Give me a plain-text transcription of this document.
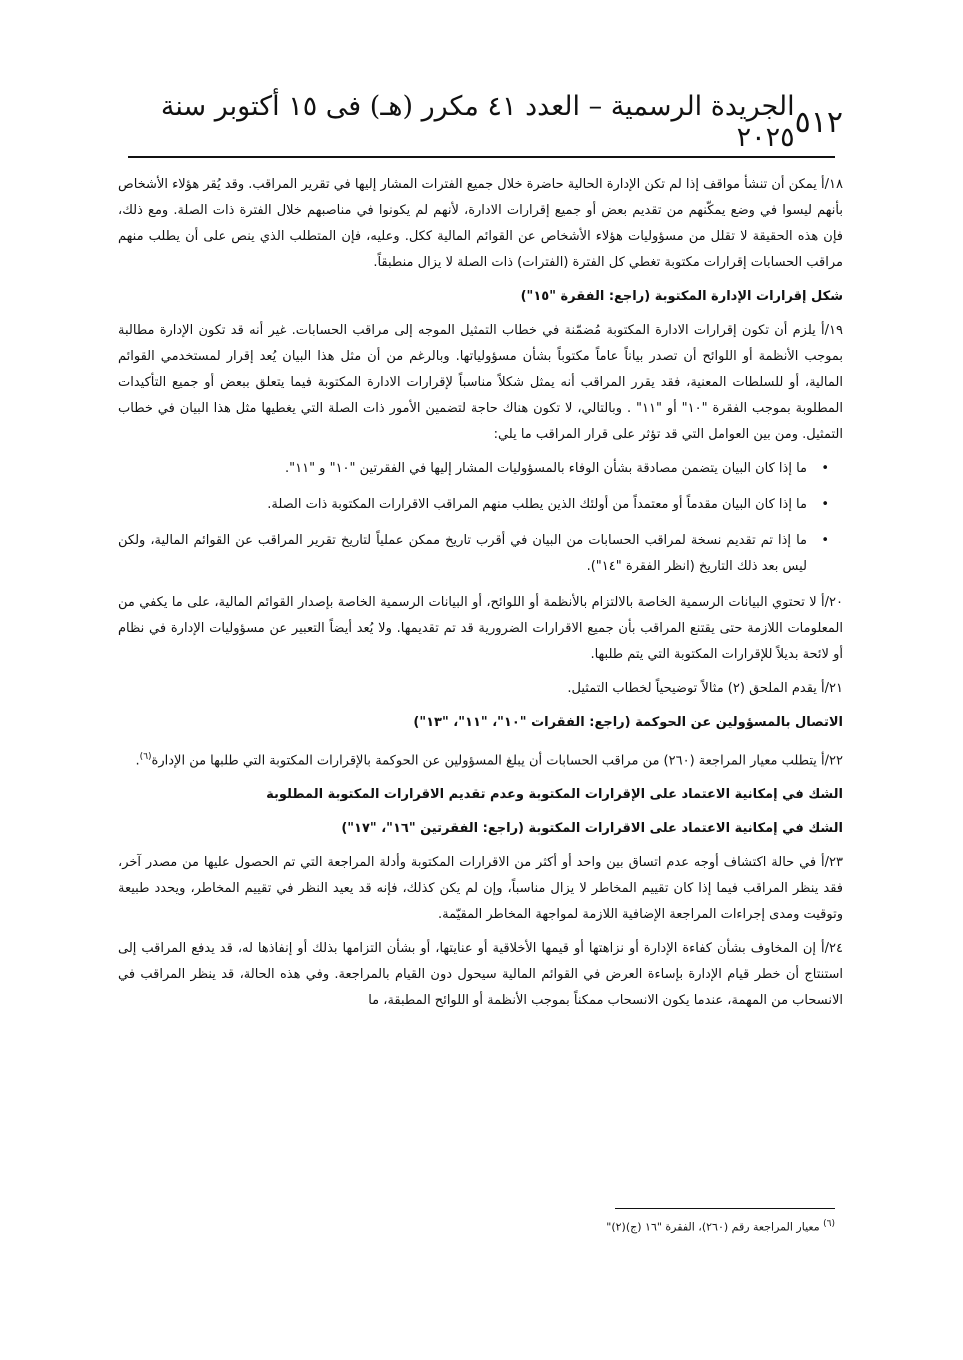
٥١٢
الجريدة الرسمية – العدد ٤١ مكرر (هـ) فى ١٥ أكتوبر سنة ٢٠٢٥

١٨/أ يمكن أن تنشأ مواقف إذا لم تكن الإدارة الحالية حاضرة خلال جميع الفترات المشار إليها في تقرير المراقب. وقد يُقر هؤلاء الأشخاص بأنهم ليسوا في وضع يمكّنهم من تقديم بعض أو جميع إقرارات الادارة، لأنهم لم يكونوا في مناصبهم خلال الفترة ذات الصلة. ومع ذلك، فإن هذه الحقيقة لا تقلل من مسؤوليات هؤلاء الأشخاص عن القوائم المالية ككل. وعليه، فإن المتطلب الذي ينص على أن يطلب منهم مراقب الحسابات إقرارات مكتوبة تغطي كل الفترة (الفترات) ذات الصلة لا يزال منطبقاً.

شكل إقرارات الإدارة المكتوبة (راجع: الفقرة "١٥")

١٩/أ يلزم أن تكون إقرارات الادارة المكتوبة مُضمّنة في خطاب التمثيل الموجه إلى مراقب الحسابات. غير أنه قد تكون الإدارة مطالبة بموجب الأنظمة أو اللوائح أن تصدر بياناً عاماً مكتوباً بشأن مسؤولياتها. وبالرغم من أن مثل هذا البيان يُعد إقرار لمستخدمي القوائم المالية، أو للسلطات المعنية، فقد يقرر المراقب أنه يمثل شكلاً مناسباً لإقرارات الادارة المكتوبة فيما يتعلق ببعض أو جميع التأكيدات المطلوبة بموجب الفقرة "١٠" أو "١١" . وبالتالي، لا تكون هناك حاجة لتضمين الأمور ذات الصلة التي يغطيها مثل هذا البيان في خطاب التمثيل. ومن بين العوامل التي قد تؤثر على قرار المراقب ما يلي:

• ما إذا كان البيان يتضمن مصادقة بشأن الوفاء بالمسؤوليات المشار إليها في الفقرتين "١٠" و "١١".
• ما إذا كان البيان مقدماً أو معتمداً من أولئك الذين يطلب منهم المراقب الاقرارات المكتوبة ذات الصلة.
• ما إذا تم تقديم نسخة لمراقب الحسابات من البيان في أقرب تاريخ ممكن عملياً لتاريخ تقرير المراقب عن القوائم المالية، ولكن ليس بعد ذلك التاريخ (انظر الفقرة "١٤").

٢٠/أ لا تحتوي البيانات الرسمية الخاصة بالالتزام بالأنظمة أو اللوائح، أو البيانات الرسمية الخاصة بإصدار القوائم المالية، على ما يكفي من المعلومات اللازمة حتى يقتنع المراقب بأن جميع الاقرارات الضرورية قد تم تقديمها. ولا يُعد أيضاً التعبير عن مسؤوليات الإدارة في نظام أو لائحة بديلاً للإقرارات المكتوبة التي يتم طلبها.

٢١/أ يقدم الملحق (٢) مثالاً توضيحياً لخطاب التمثيل.

الاتصال بالمسؤولين عن الحوكمة (راجع: الفقرات "١٠"، "١١"، "١٣")

٢٢/أ يتطلب معيار المراجعة (٢٦٠) من مراقب الحسابات أن يبلغ المسؤولين عن الحوكمة بالإقرارات المكتوبة التي طلبها من الإدارة$^{(٦)}$.

الشك في إمكانية الاعتماد على الإقرارات المكتوبة وعدم تقديم الاقرارات المكتوبة المطلوبة

الشك في إمكانية الاعتماد على الاقرارات المكتوبة (راجع: الفقرتين "١٦"، "١٧")

٢٣/أ في حالة اكتشاف أوجه عدم اتساق بين واحد أو أكثر من الاقرارات المكتوبة وأدلة المراجعة التي تم الحصول عليها من مصدر آخر، فقد ينظر المراقب فيما إذا كان تقييم المخاطر لا يزال مناسباً، وإن لم يكن كذلك، فإنه قد يعيد النظر في تقييم المخاطر، ويحدد طبيعة وتوقيت ومدى إجراءات المراجعة الإضافية اللازمة لمواجهة المخاطر المقيّمة.

٢٤/أ إن المخاوف بشأن كفاءة الإدارة أو نزاهتها أو قيمها الأخلاقية أو عنايتها، أو بشأن التزامها بذلك أو إنفاذها له، قد يدفع المراقب إلى استنتاج أن خطر قيام الإدارة بإساءة العرض في القوائم المالية سيحول دون القيام بالمراجعة. وفي هذه الحالة، قد ينظر المراقب في الانسحاب من المهمة، عندما يكون الانسحاب ممكناً بموجب الأنظمة أو اللوائح المطبقة، ما

$^{(٦)}$ معيار المراجعة رقم (٢٦٠)، الفقرة "١٦ (ج)(٢)"
